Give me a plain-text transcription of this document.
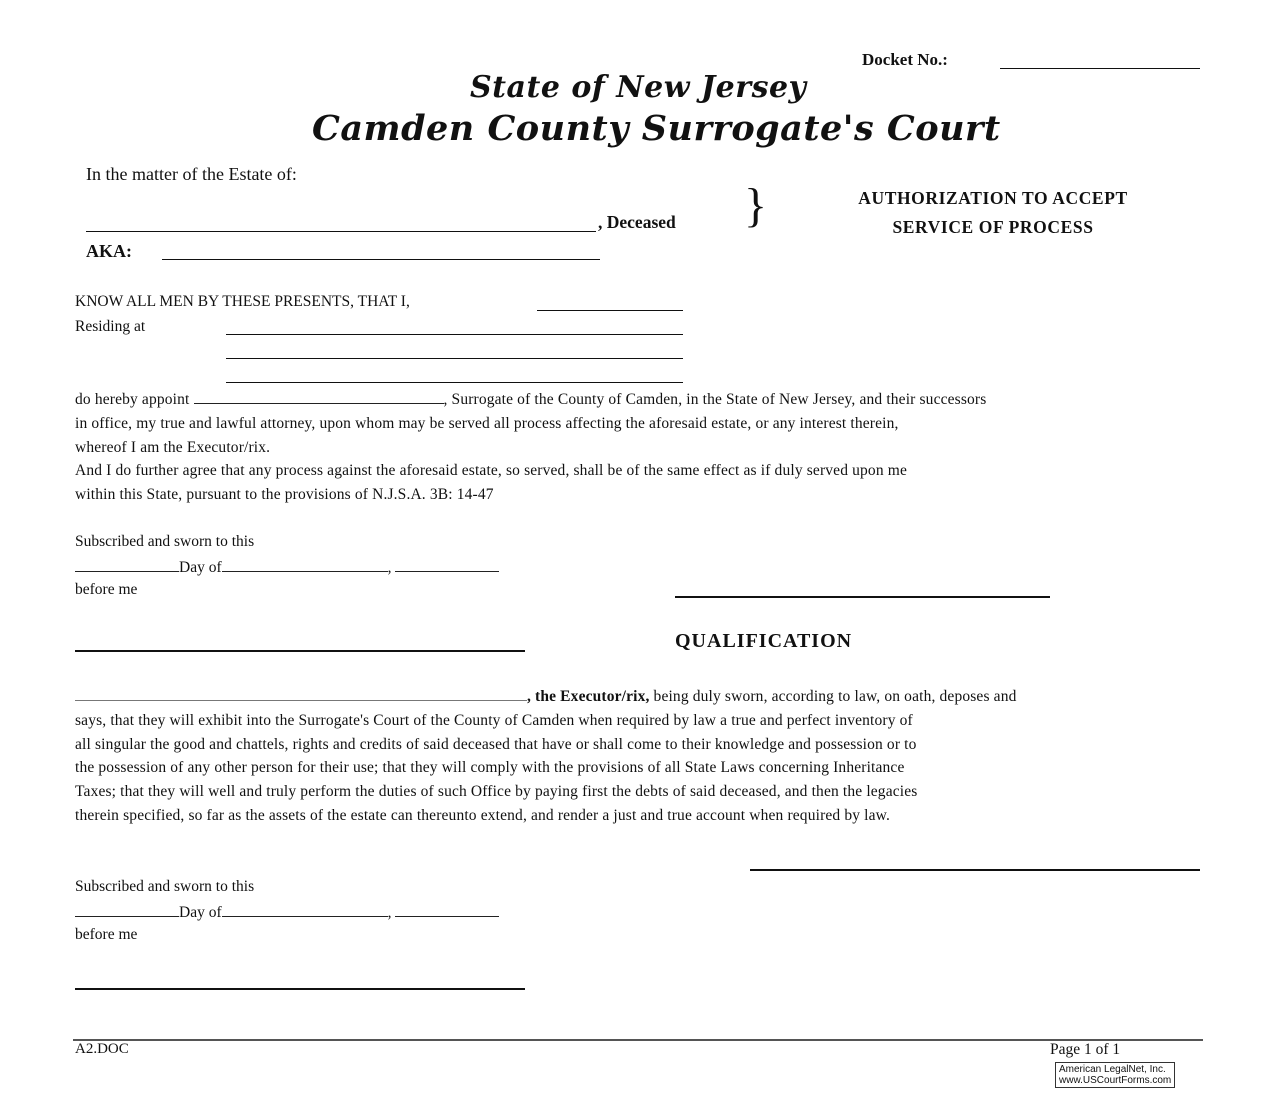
Docket No.:
State of New Jersey
Camden County Surrogate's Court
In the matter of the Estate of:
, Deceased
AKA:
}	AUTHORIZATION TO ACCEPT
SERVICE OF PROCESS
KNOW ALL MEN BY THESE PRESENTS, THAT I,
Residing at
do hereby appoint	, Surrogate of the County of Camden, in the State of New Jersey, and their successors
in office, my true and lawful attorney, upon whom may be served all process affecting the aforesaid estate, or any interest therein,
whereof I am the Executor/rix.
And I do further agree that any process against the aforesaid estate, so served, shall be of the same effect as if duly served upon me
within this State, pursuant to the provisions of N.J.S.A. 3B: 14-47
Subscribed and sworn to this
Day of	,
before me
QUALIFICATION
, the Executor/rix, being duly sworn, according to law, on oath, deposes and
says, that they will exhibit into the Surrogate's Court of the County of Camden when required by law a true and perfect inventory of
all singular the good and chattels, rights and credits of said deceased that have or shall come to their knowledge and possession or to
the possession of any other person for their use; that they will comply with the provisions of all State Laws concerning Inheritance
Taxes; that they will well and truly perform the duties of such Office by paying first the debts of said deceased, and then the legacies
therein specified, so far as the assets of the estate can thereunto extend, and render a just and true account when required by law.
Subscribed and sworn to this
Day of	,
before me
A2.DOC	Page 1 of 1
American LegalNet, Inc.
www.USCourtForms.com
